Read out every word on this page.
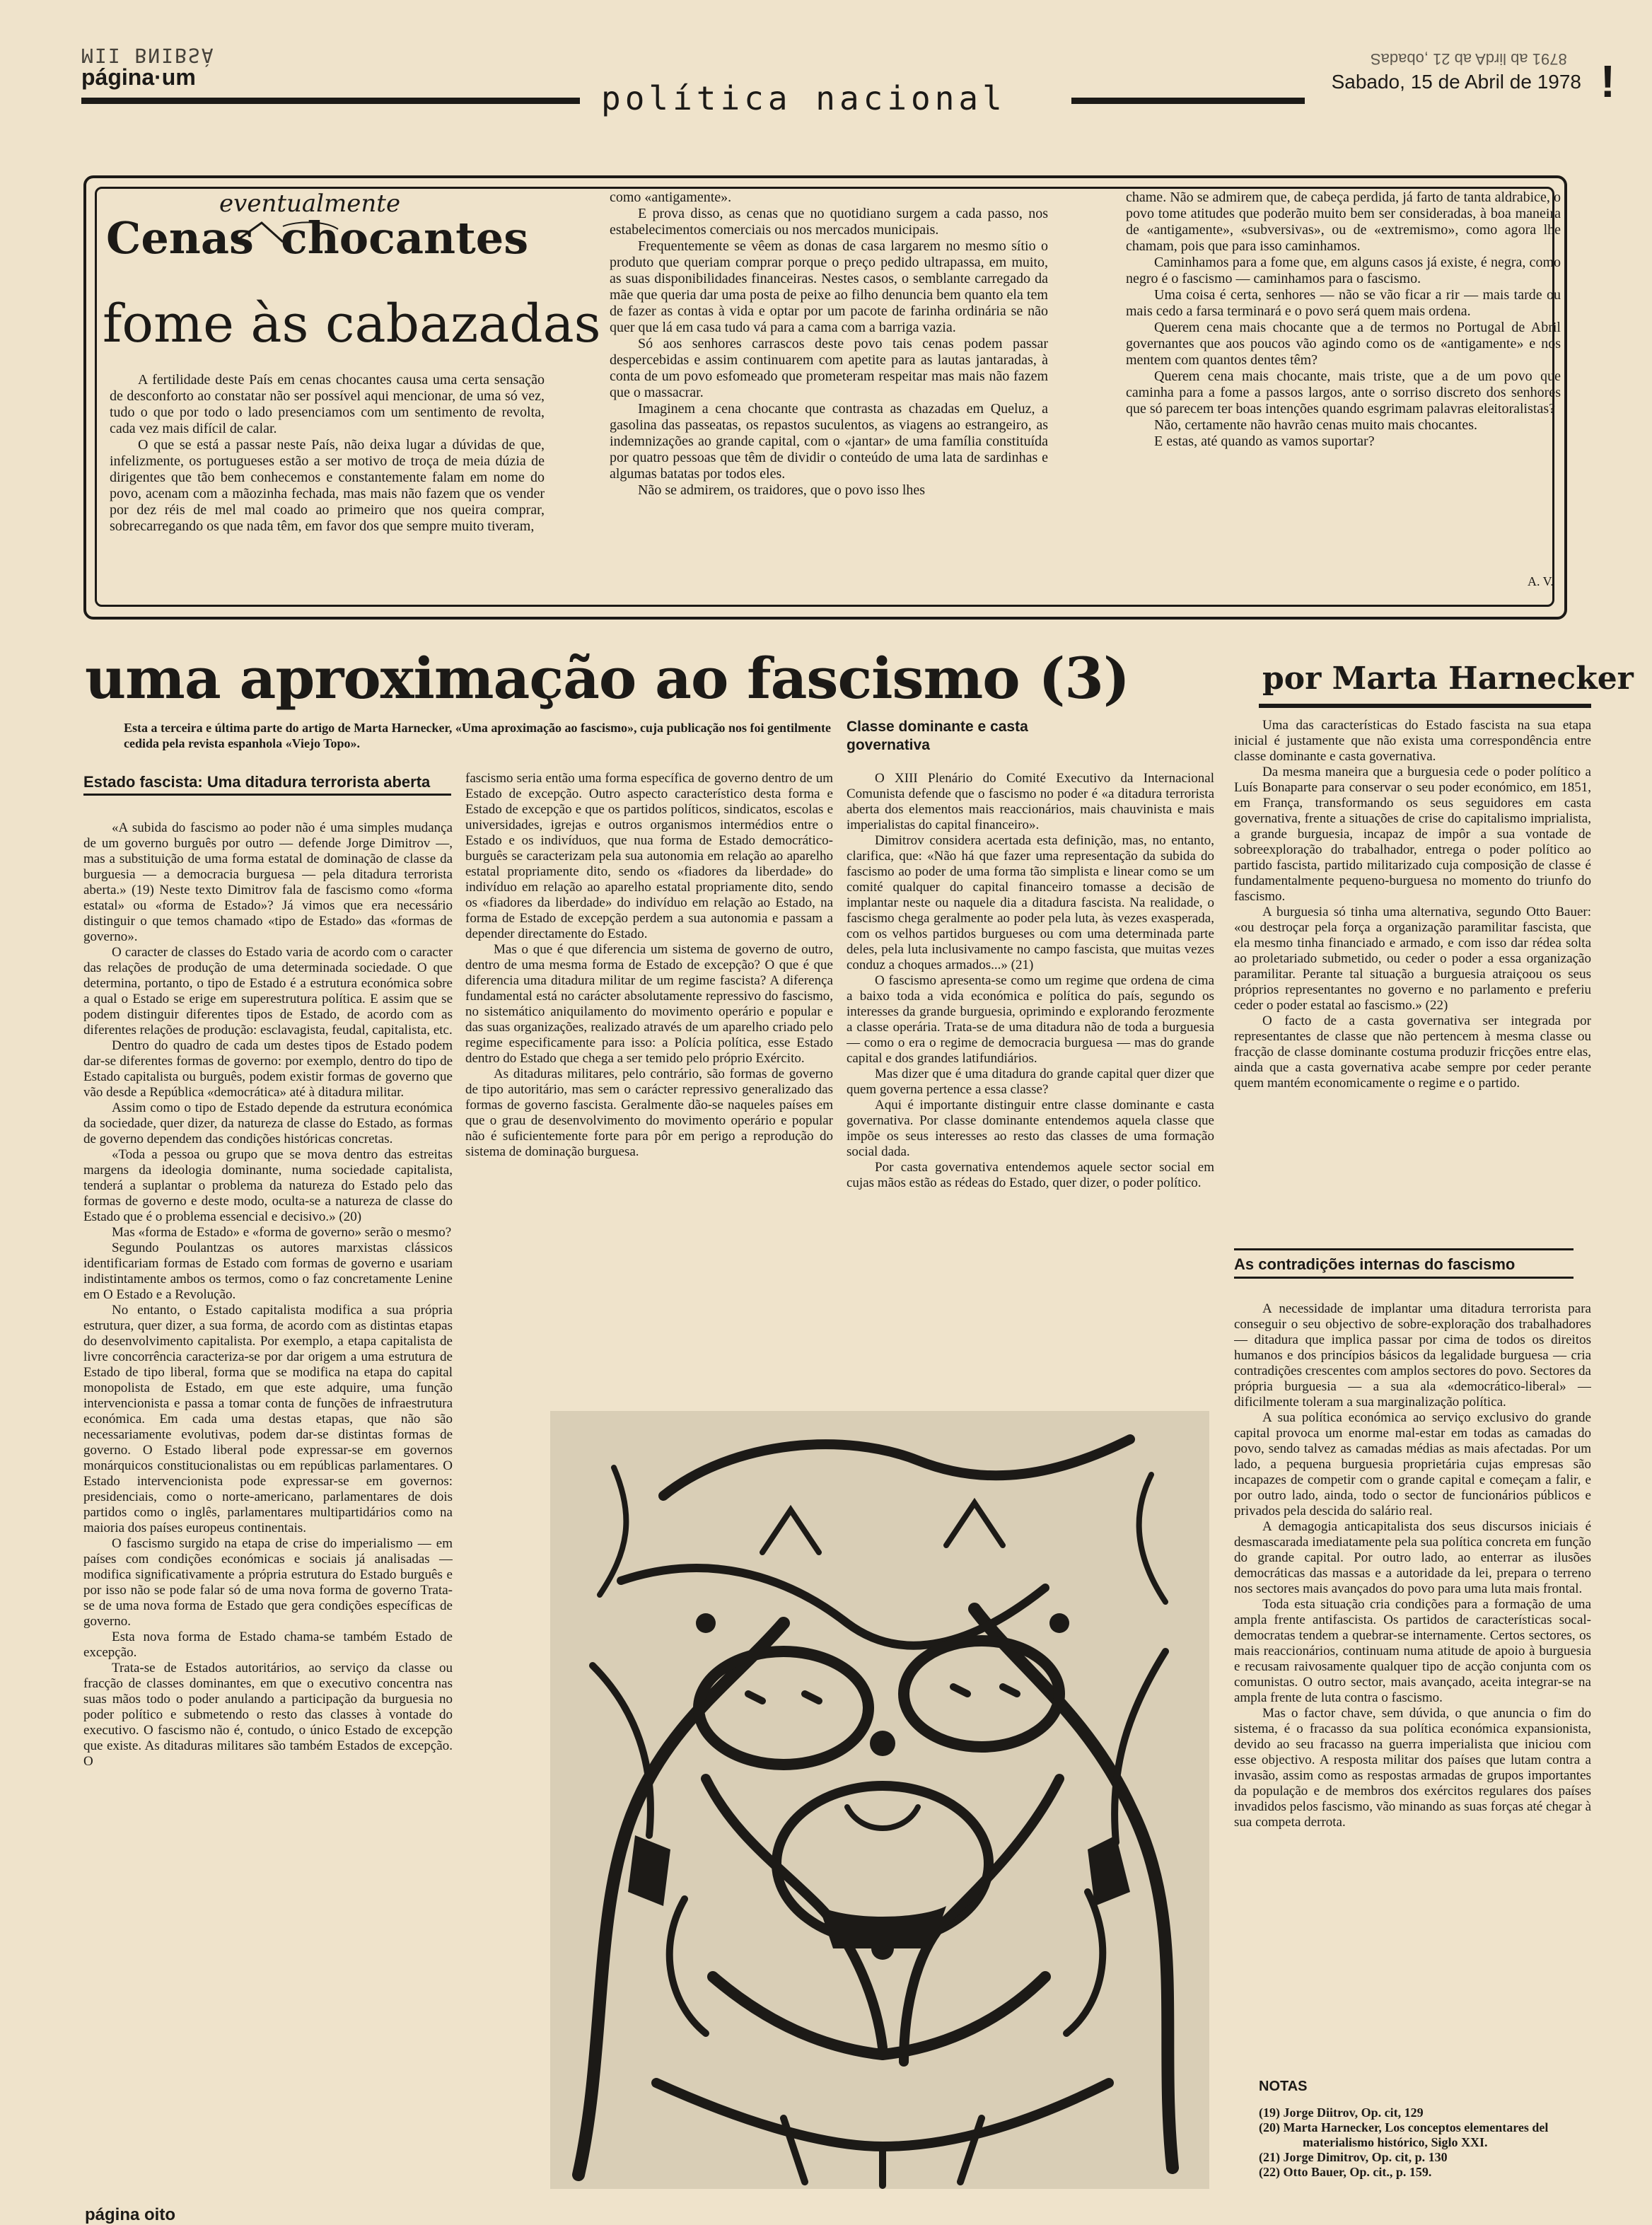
MII BNIBSÀ
página·um
política nacional
8791 ab lirdA ab 21 ,obadaS
Sabado, 15 de Abril de 1978 !
eventualmente
Cenas chocantes
fome às cabazadas

A fertilidade deste País em cenas chocantes causa uma certa sensação de desconforto ao constatar não ser possível aqui mencionar, de uma só vez, tudo o que por todo o lado presenciamos com um sentimento de revolta, cada vez mais difícil de calar.

O que se está a passar neste País, não deixa lugar a dúvidas de que, infelizmente, os portugueses estão a ser motivo de troça de meia dúzia de dirigentes que tão bem conhecemos e constantemente falam em nome do povo, acenam com a mãozinha fechada, mas mais não fazem que os vender por dez réis de mel mal coado ao primeiro que nos queira comprar, sobrecarregando os que nada têm, em favor dos que sempre muito tiveram,

como «antigamente».

E prova disso, as cenas que no quotidiano surgem a cada passo, nos estabelecimentos comerciais ou nos mercados municipais.

Frequentemente se vêem as donas de casa largarem no mesmo sítio o produto que queriam comprar porque o preço pedido ultrapassa, em muito, as suas disponibilidades financeiras. Nestes casos, o semblante carregado da mãe que queria dar uma posta de peixe ao filho denuncia bem quanto ela tem de fazer as contas à vida e optar por um pacote de farinha ordinária se não quer que lá em casa tudo vá para a cama com a barriga vazia.

Só aos senhores carrascos deste povo tais cenas podem passar despercebidas e assim continuarem com apetite para as lautas jantaradas, à conta de um povo esfomeado que prometeram respeitar mas mais não fazem que o massacrar.

Imaginem a cena chocante que contrasta as chazadas em Queluz, a gasolina das passeatas, os repastos suculentos, as viagens ao estrangeiro, as indemnizações ao grande capital, com o «jantar» de uma família constituída por quatro pessoas que têm de dividir o conteúdo de uma lata de sardinhas e algumas batatas por todos eles.

Não se admirem, os traidores, que o povo isso lhes

chame. Não se admirem que, de cabeça perdida, já farto de tanta aldrabice, o povo tome atitudes que poderão muito bem ser consideradas, à boa maneira de «antigamente», «subversivas», ou de «extremismo», como agora lhe chamam, pois que para isso caminhamos.

Caminhamos para a fome que, em alguns casos já existe, é negra, como negro é o fascismo — caminhamos para o fascismo.

Uma coisa é certa, senhores — não se vão ficar a rir — mais tarde ou mais cedo a farsa terminará e o povo será quem mais ordena.

Querem cena mais chocante que a de termos no Portugal de Abril governantes que aos poucos vão agindo como os de «antigamente» e nos mentem com quantos dentes têm?

Querem cena mais chocante, mais triste, que a de um povo que caminha para a fome a passos largos, ante o sorriso discreto dos senhores que só parecem ter boas intenções quando esgrimam palavras eleitoralistas?

Não, certamente não havrão cenas muito mais chocantes.

E estas, até quando as vamos suportar?

A. V.
uma aproximação ao fascismo (3)	por Marta Harnecker
Esta a terceira e última parte do artigo de Marta Harnecker, «Uma aproximação ao fascismo», cuja publicação nos foi gentilmente cedida pela revista espanhola «Viejo Topo».
Classe dominante e casta governativa
Estado fascista: Uma ditadura terrorista aberta

«A subida do fascismo ao poder não é uma simples mudança de um governo burguês por outro — defende Jorge Dimitrov —, mas a substituição de uma forma estatal de dominação de classe da burguesia — a democracia burguesa — pela ditadura terrorista aberta.» (19) Neste texto Dimitrov fala de fascismo como «forma estatal» ou «forma de Estado»? Já vimos que era necessário distinguir o que temos chamado «tipo de Estado» das «formas de governo».

O caracter de classes do Estado varia de acordo com o caracter das relações de produção de uma determinada sociedade. O que determina, portanto, o tipo de Estado é a estrutura económica sobre a qual o Estado se erige em superestrutura política. E assim que se podem distinguir diferentes tipos de Estado, de acordo com as diferentes relações de produção: esclavagista, feudal, capitalista, etc.

Dentro do quadro de cada um destes tipos de Estado podem dar-se diferentes formas de governo: por exemplo, dentro do tipo de Estado capitalista ou burguês, podem existir formas de governo que vão desde a República «democrática» até à ditadura militar.

Assim como o tipo de Estado depende da estrutura económica da sociedade, quer dizer, da natureza de classe do Estado, as formas de governo dependem das condições históricas concretas.

«Toda a pessoa ou grupo que se mova dentro das estreitas margens da ideologia dominante, numa sociedade capitalista, tenderá a suplantar o problema da natureza do Estado pelo das formas de governo e deste modo, oculta-se a natureza de classe do Estado que é o problema essencial e decisivo.» (20)

Mas «forma de Estado» e «forma de governo» serão o mesmo?

Segundo Poulantzas os autores marxistas clássicos identificariam formas de Estado com formas de governo e usariam indistintamente ambos os termos, como o faz concretamente Lenine em O Estado e a Revolução.

No entanto, o Estado capitalista modifica a sua própria estrutura, quer dizer, a sua forma, de acordo com as distintas etapas do desenvolvimento capitalista. Por exemplo, a etapa capitalista de livre concorrência caracteriza-se por dar origem a uma estrutura de Estado de tipo liberal, forma que se modifica na etapa do capital monopolista de Estado, em que este adquire, uma função intervencionista e passa a tomar conta de funções de infraestrutura económica. Em cada uma destas etapas, que não são necessariamente evolutivas, podem dar-se distintas formas de governo. O Estado liberal pode expressar-se em governos monárquicos constitucionalistas ou em repúblicas parlamentares. O Estado intervencionista pode expressar-se em governos: presidenciais, como o norte-americano, parlamentares de dois partidos como o inglês, parlamentares multipartidários como na maioria dos países europeus continentais.

O fascismo surgido na etapa de crise do imperialismo — em países com condições económicas e sociais já analisadas — modifica significativamente a própria estrutura do Estado burguês e por isso não se pode falar só de uma nova forma de governo Trata-se de uma nova forma de Estado que gera condições específicas de governo.

Esta nova forma de Estado chama-se também Estado de excepção.

Trata-se de Estados autoritários, ao serviço da classe ou fracção de classes dominantes, em que o executivo concentra nas suas mãos todo o poder anulando a participação da burguesia no poder político e submetendo o resto das classes à vontade do executivo. O fascismo não é, contudo, o único Estado de excepção que existe. As ditaduras militares são também Estados de excepção. O

fascismo seria então uma forma específica de governo dentro de um Estado de excepção. Outro aspecto característico desta forma e Estado de excepção e que os partidos políticos, sindicatos, escolas e universidades, igrejas e outros organismos intermédios entre o Estado e os indivíduos, que nua forma de Estado democrático-burguês se caracterizam pela sua autonomia em relação ao aparelho estatal propriamente dito, sendo os «fiadores da liberdade» do indivíduo em relação ao aparelho estatal propriamente dito, sendo os «fiadores da liberdade» do indivíduo em relação ao Estado, na forma de Estado de excepção perdem a sua autonomia e passam a depender directamente do Estado.

Mas o que é que diferencia um sistema de governo de outro, dentro de uma mesma forma de Estado de excepção? O que é que diferencia uma ditadura militar de um regime fascista? A diferença fundamental está no carácter absolutamente repressivo do fascismo, no sistemático aniquilamento do movimento operário e popular e das suas organizações, realizado através de um aparelho criado pelo regime especificamente para isso: a Polícia política, esse Estado dentro do Estado que chega a ser temido pelo próprio Exército.

As ditaduras militares, pelo contrário, são formas de governo de tipo autoritário, mas sem o carácter repressivo generalizado das formas de governo fascista. Geralmente dão-se naqueles países em que o grau de desenvolvimento do movimento operário e popular não é suficientemente forte para pôr em perigo a reprodução do sistema de dominação burguesa.

O XIII Plenário do Comité Executivo da Internacional Comunista defende que o fascismo no poder é «a ditadura terrorista aberta dos elementos mais reaccionários, mais chauvinista e mais imperialistas do capital financeiro».

Dimitrov considera acertada esta definição, mas, no entanto, clarifica, que: «Não há que fazer uma representação da subida do fascismo ao poder de uma forma tão simplista e linear como se um comité qualquer do capital financeiro tomasse a decisão de implantar neste ou naquele dia a ditadura fascista. Na realidade, o fascismo chega geralmente ao poder pela luta, às vezes exasperada, com os velhos partidos burgueses ou com uma determinada parte deles, pela luta inclusivamente no campo fascista, que muitas vezes conduz a choques armados...» (21)

O fascismo apresenta-se como um regime que ordena de cima a baixo toda a vida económica e política do país, segundo os interesses da grande burguesia, oprimindo e explorando ferozmente a classe operária. Trata-se de uma ditadura não de toda a burguesia — como o era o regime de democracia burguesa — mas do grande capital e dos grandes latifundiários.

Mas dizer que é uma ditadura do grande capital quer dizer que quem governa pertence a essa classe?

Aqui é importante distinguir entre classe dominante e casta governativa. Por classe dominante entendemos aquela classe que impõe os seus interesses ao resto das classes de uma formação social dada.

Por casta governativa entendemos aquele sector social em cujas mãos estão as rédeas do Estado, quer dizer, o poder político.

Uma das características do Estado fascista na sua etapa inicial é justamente que não exista uma correspondência entre classe dominante e casta governativa.

Da mesma maneira que a burguesia cede o poder político a Luís Bonaparte para conservar o seu poder económico, em 1851, em França, transformando os seus seguidores em casta governativa, frente a situações de crise do capitalismo imprialista, a grande burguesia, incapaz de impôr a sua vontade de sobreexploração do trabalhador, entrega o poder político ao partido fascista, partido militarizado cuja composição de classe é fundamentalmente pequeno-burguesa no momento do triunfo do fascismo.

A burguesia só tinha uma alternativa, segundo Otto Bauer: «ou destroçar pela força a organização paramilitar fascista, que ela mesmo tinha financiado e armado, e com isso dar rédea solta ao proletariado submetido, ou ceder o poder a essa organização paramilitar. Perante tal situação a burguesia atraiçoou os seus próprios representantes no governo e no parlamento e preferiu ceder o poder estatal ao fascismo.» (22)

O facto de a casta governativa ser integrada por representantes de classe que não pertencem à mesma classe ou fracção de classe dominante costuma produzir fricções entre elas, ainda que a casta governativa acabe sempre por ceder perante quem mantém economicamente o regime e o partido.

As contradições internas do fascismo

A necessidade de implantar uma ditadura terrorista para conseguir o seu objectivo de sobre-exploração dos trabalhadores — ditadura que implica passar por cima de todos os direitos humanos e dos princípios básicos da legalidade burguesa — cria contradições crescentes com amplos sectores do povo. Sectores da própria burguesia — a sua ala «democrático-liberal» — dificilmente toleram a sua marginalização política.

A sua política económica ao serviço exclusivo do grande capital provoca um enorme mal-estar em todas as camadas do povo, sendo talvez as camadas médias as mais afectadas. Por um lado, a pequena burguesia proprietária cujas empresas são incapazes de competir com o grande capital e começam a falir, e por outro lado, ainda, todo o sector de funcionários públicos e privados pela descida do salário real.

A demagogia anticapitalista dos seus discursos iniciais é desmascarada imediatamente pela sua política concreta em função do grande capital. Por outro lado, ao enterrar as ilusões democráticas das massas e a autoridade da lei, prepara o terreno nos sectores mais avançados do povo para uma luta mais frontal.

Toda esta situação cria condições para a formação de uma ampla frente antifascista. Os partidos de características socal-democratas tendem a quebrar-se internamente. Certos sectores, os mais reaccionários, continuam numa atitude de apoio à burguesia e recusam raivosamente qualquer tipo de acção conjunta com os comunistas. O outro sector, mais avançado, aceita integrar-se na ampla frente de luta contra o fascismo.

Mas o factor chave, sem dúvida, o que anuncia o fim do sistema, é o fracasso da sua política económica expansionista, devido ao seu fracasso na guerra imperialista que iniciou com esse objectivo. A resposta militar dos países que lutam contra a invasão, assim como as respostas armadas de grupos importantes da população e de membros dos exércitos regulares dos países invadidos pelos fascismo, vão minando as suas forças até chegar à sua competa derrota.

NOTAS
(19) Jorge Diitrov, Op. cit, 129
(20) Marta Harnecker, Los conceptos elementares del materialismo histórico, Siglo XXI.
(21) Jorge Dimitrov, Op. cit, p. 130
(22) Otto Bauer, Op. cit., p. 159.
página oito
